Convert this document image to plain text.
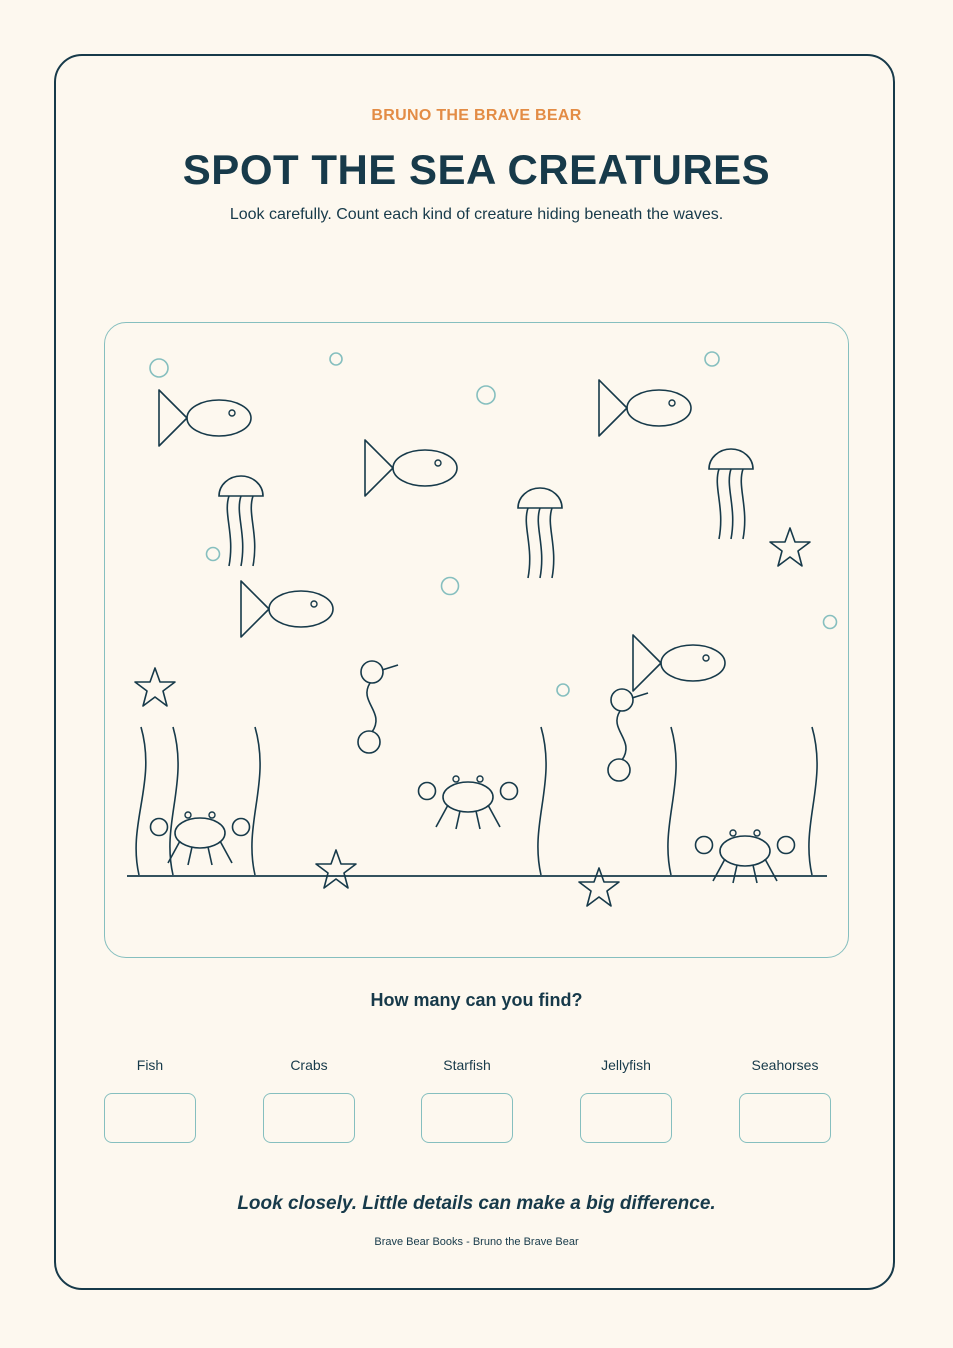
BRUNO THE BRAVE BEAR
SPOT THE SEA CREATURES
Look carefully. Count each kind of creature hiding beneath the waves.
How many can you find?
Fish	Crabs	Starfish	Jellyfish	Seahorses
Look closely. Little details can make a big difference.
Brave Bear Books - Bruno the Brave Bear
